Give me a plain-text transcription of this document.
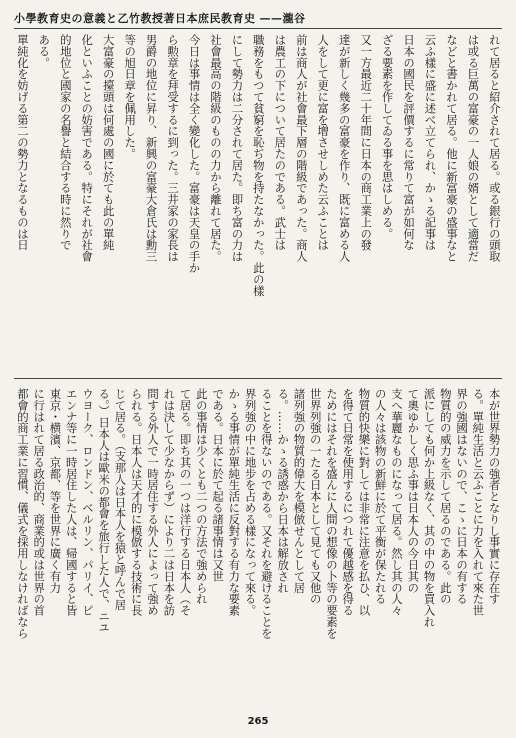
小學教育史の意義と乙竹教授著日本庶民教育史 ——瀧谷
れて居ると紹介されて居る。或る銀行の頭取
は或る巨萬の富豪の一人娘の婿として適當だ
などと書かれて居る。他に新富豪の盛事なと
云ふ樣に盛に述べ立てられ、かゝる記事は
日本の國民を評價するに常りて富が如何な
ざる要素を作してゐる事を思はしめる。
又一方最近二十年間に日本の商工業上の發
達が新しく幾多の富豪を作り、既に富める人
人をして更に富を增させしめた云ふことは
前は商人が社會最下層の階級であった。商人
は農工の下について居たのである。武士は
職務をもつて貧窮を恥ぢ物を持たなかった。此の樣
にして勢力は二分されて居た。即ち富の力は
社會最高の階級のものの力から離れて居た。
今日は事情は全く變化した。富豪は天皇の手か
ら勲章を拜受するに到った。三井家の家長は
男爵の地位に昇り、新興の富豪大倉氏は勳三
等の旭日章を佩用した。
大富豪の擡頭は何處の國に於ても此の單純
化といふことの妨害である。特にそれが社會
的地位と國家の名譽と結合する時に然りで
ある。
單純化を妨げる第二の勢力となるものは日
本が世界勢力の強者となりし事實に存在す
る。單純生活と云ふことに力を入れて來た世
界の強國はないので、こゝに日本の有する
物質的の威力を示して居るのである。此の
派にしても何か上級なく、其の中の物を買入れ
て奧ゆかしく思ふ事は日本人の今日其の
支へ華麗なものになって居る。然し其の人々
の人々は該物の新鮮に於て平衡が保たれる
物質的快樂に對しては非常に注意を払ひ、以
を得て日常を使用するにつれて優越感を得る
ためにはそれを盛んに人間の想像の卜等の要素を
世界列強の一たる日本として見ても又他の
諸列強の物質的偉大を模倣せんとして居
る。……かゝる誘惑から日本は解放され
ることを得ないのである。又それを避けることを
界列強の中に地步を占める樣になって來る。
かゝる事情が單純生活に反對する有力な要素
である。日本に於て起る諸事情は又世
此の事情は少くとも二つの方法で強められ
て居る。即ち其の一つは洋行する日本人（そ
れは決して少なからず）により二は日本を訪
問する外人で一時居住する外人によって強め
られる。日本人は天才的に模倣する技術に長
じて居る。（支那人は日本人を猿と呼んで居
る。）日本人は歐米の都會を旅行した人で、ニユ
ウヨーク、ロンドン、ベルリン、パリイ、ピ
エンナ等に一時居住した人は、帰國すると皆
東京・横濱、京都、等を世界に廣く有力
に行はれて居る政治的、商業的或は世界の首
都會的商工業に習慣、儀式を採用しなければなら
265
